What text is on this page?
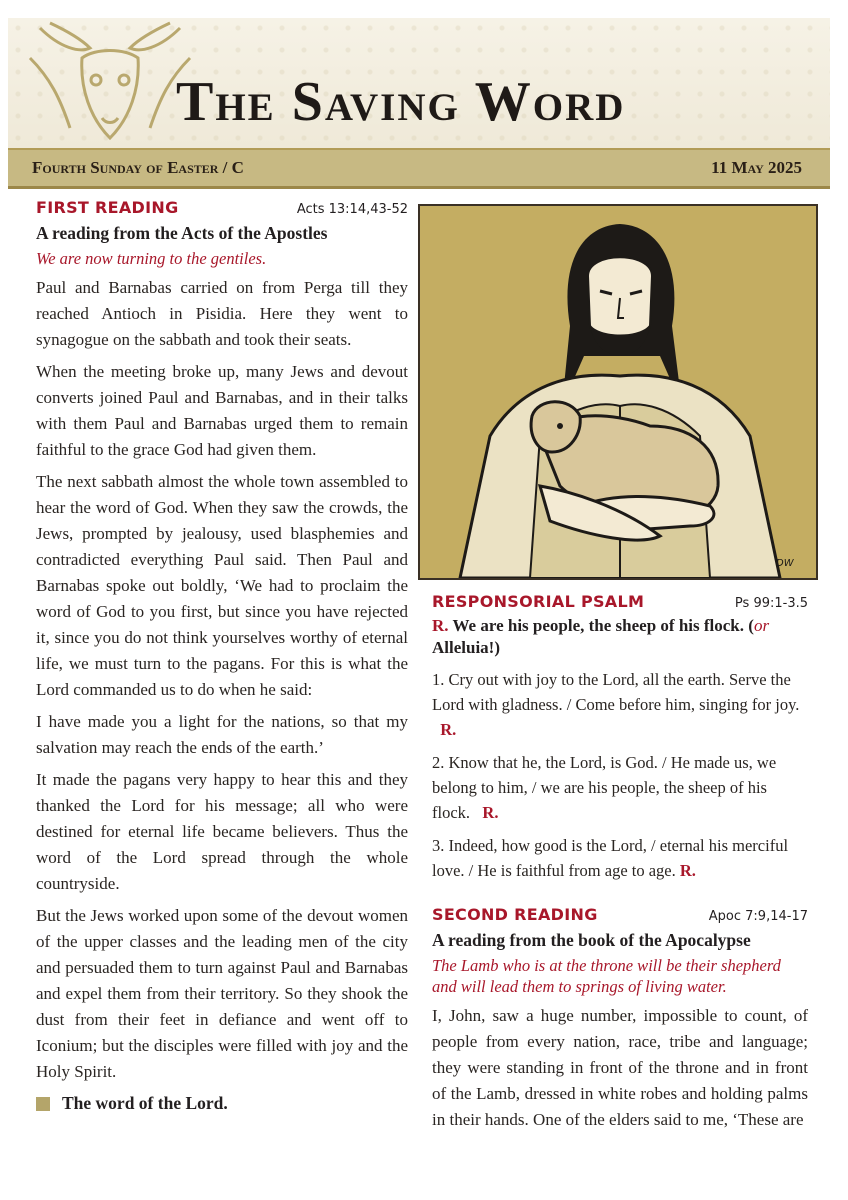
The Saving Word
Fourth Sunday of Easter / C	11 May 2025
FIRST READING	Acts 13:14,43-52
A reading from the Acts of the Apostles
We are now turning to the gentiles.

Paul and Barnabas carried on from Perga till they reached Antioch in Pisidia. Here they went to synagogue on the sabbath and took their seats.

When the meeting broke up, many Jews and devout converts joined Paul and Barnabas, and in their talks with them Paul and Barnabas urged them to remain faithful to the grace God had given them.

The next sabbath almost the whole town assembled to hear the word of God. When they saw the crowds, the Jews, prompted by jealousy, used blasphemies and contradicted everything Paul said. Then Paul and Barnabas spoke out boldly, ‘We had to proclaim the word of God to you first, but since you have rejected it, since you do not think yourselves worthy of eternal life, we must turn to the pagans. For this is what the Lord commanded us to do when he said:

I have made you a light for the nations, so that my salvation may reach the ends of the earth.’

It made the pagans very happy to hear this and they thanked the Lord for his message; all who were destined for eternal life became believers. Thus the word of the Lord spread through the whole countryside.

But the Jews worked upon some of the devout women of the upper classes and the leading men of the city and persuaded them to turn against Paul and Barnabas and expel them from their territory. So they shook the dust from their feet in defiance and went off to Iconium; but the disciples were filled with joy and the Holy Spirit.

The word of the Lord.
DW
RESPONSORIAL PSALM	Ps 99:1-3.5
R. We are his people, the sheep of his flock. (or Alleluia!)
1. Cry out with joy to the Lord, all the earth. Serve the Lord with gladness. / Come before him, singing for joy.   R.
2. Know that he, the Lord, is God. / He made us, we belong to him, / we are his people, the sheep of his flock. R.
3. Indeed, how good is the Lord, / eternal his merciful love. / He is faithful from age to age. R.
SECOND READING	Apoc 7:9,14-17
A reading from the book of the Apocalypse
The Lamb who is at the throne will be their shepherd and will lead them to springs of living water.

I, John, saw a huge number, impossible to count, of people from every nation, race, tribe and language; they were standing in front of the throne and in front of the Lamb, dressed in white robes and holding palms in their hands. One of the elders said to me, ‘These are
